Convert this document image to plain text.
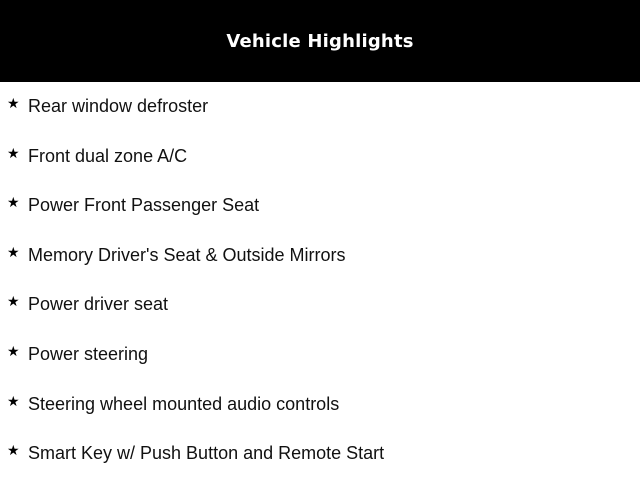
Vehicle Highlights
★ Rear window defroster
★ Front dual zone A/C
★ Power Front Passenger Seat
★ Memory Driver's Seat & Outside Mirrors
★ Power driver seat
★ Power steering
★ Steering wheel mounted audio controls
★ Smart Key w/ Push Button and Remote Start
